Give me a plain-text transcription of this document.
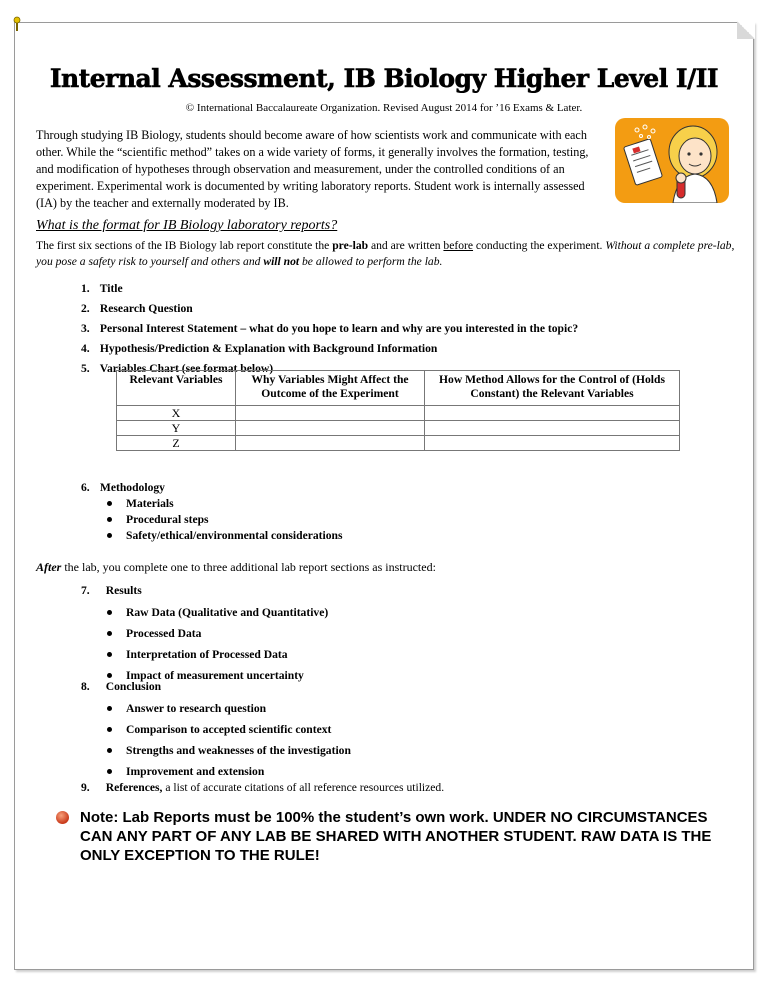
Internal Assessment, IB Biology Higher Level I/II
© International Baccalaureate Organization. Revised August 2014 for ’16 Exams & Later.
Through studying IB Biology, students should become aware of how scientists work and communicate with each other. While the “scientific method” takes on a wide variety of forms, it generally involves the formation, testing, and modification of hypotheses through observation and measurement, under the controlled conditions of an experiment. Experimental work is documented by writing laboratory reports. Student work is internally assessed (IA) by the teacher and externally moderated by IB.
What is the format for IB Biology laboratory reports?
The first six sections of the IB Biology lab report constitute the pre-lab and are written before conducting the experiment. Without a complete pre-lab, you pose a safety risk to yourself and others and will not be allowed to perform the lab.
1. Title
2. Research Question
3. Personal Interest Statement – what do you hope to learn and why are you interested in the topic?
4. Hypothesis/Prediction & Explanation with Background Information
5. Variables Chart (see format below)
Relevant Variables	Why Variables Might Affect the Outcome of the Experiment	How Method Allows for the Control of (Holds Constant) the Relevant Variables
X		
Y		
Z		
6. Methodology
Materials
Procedural steps
Safety/ethical/environmental considerations
After the lab, you complete one to three additional lab report sections as instructed:
7. Results
Raw Data (Qualitative and Quantitative)
Processed Data
Interpretation of Processed Data
Impact of measurement uncertainty
8. Conclusion
Answer to research question
Comparison to accepted scientific context
Strengths and weaknesses of the investigation
Improvement and extension
9. References, a list of accurate citations of all reference resources utilized.
Note: Lab Reports must be 100% the student’s own work. UNDER NO CIRCUMSTANCES CAN ANY PART OF ANY LAB BE SHARED WITH ANOTHER STUDENT. RAW DATA IS THE ONLY EXCEPTION TO THE RULE!
